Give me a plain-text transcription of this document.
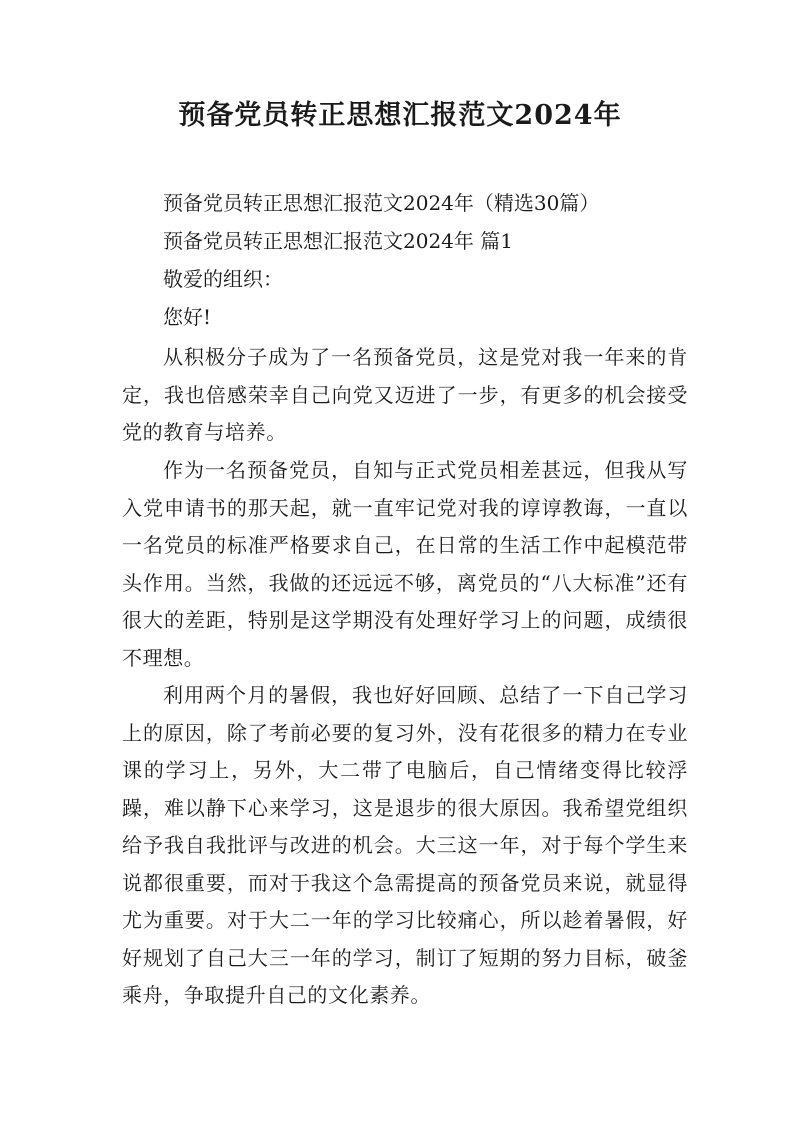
预备党员转正思想汇报范文2024年

预备党员转正思想汇报范文2024年（精选30篇）

预备党员转正思想汇报范文2024年 篇1

敬爱的组织：

您好!

从积极分子成为了一名预备党员，这是党对我一年来的肯定，我也倍感荣幸自己向党又迈进了一步，有更多的机会接受党的教育与培养。

作为一名预备党员，自知与正式党员相差甚远，但我从写入党申请书的那天起，就一直牢记党对我的谆谆教诲，一直以一名党员的标准严格要求自己，在日常的生活工作中起模范带头作用。当然，我做的还远远不够，离党员的“八大标准”还有很大的差距，特别是这学期没有处理好学习上的问题，成绩很不理想。

利用两个月的暑假，我也好好回顾、总结了一下自己学习上的原因，除了考前必要的复习外，没有花很多的精力在专业课的学习上，另外，大二带了电脑后，自己情绪变得比较浮躁，难以静下心来学习，这是退步的很大原因。我希望党组织给予我自我批评与改进的机会。大三这一年，对于每个学生来说都很重要，而对于我这个急需提高的预备党员来说，就显得尤为重要。对于大二一年的学习比较痛心，所以趁着暑假，好好规划了自己大三一年的学习，制订了短期的努力目标，破釜乘舟，争取提升自己的文化素养。
